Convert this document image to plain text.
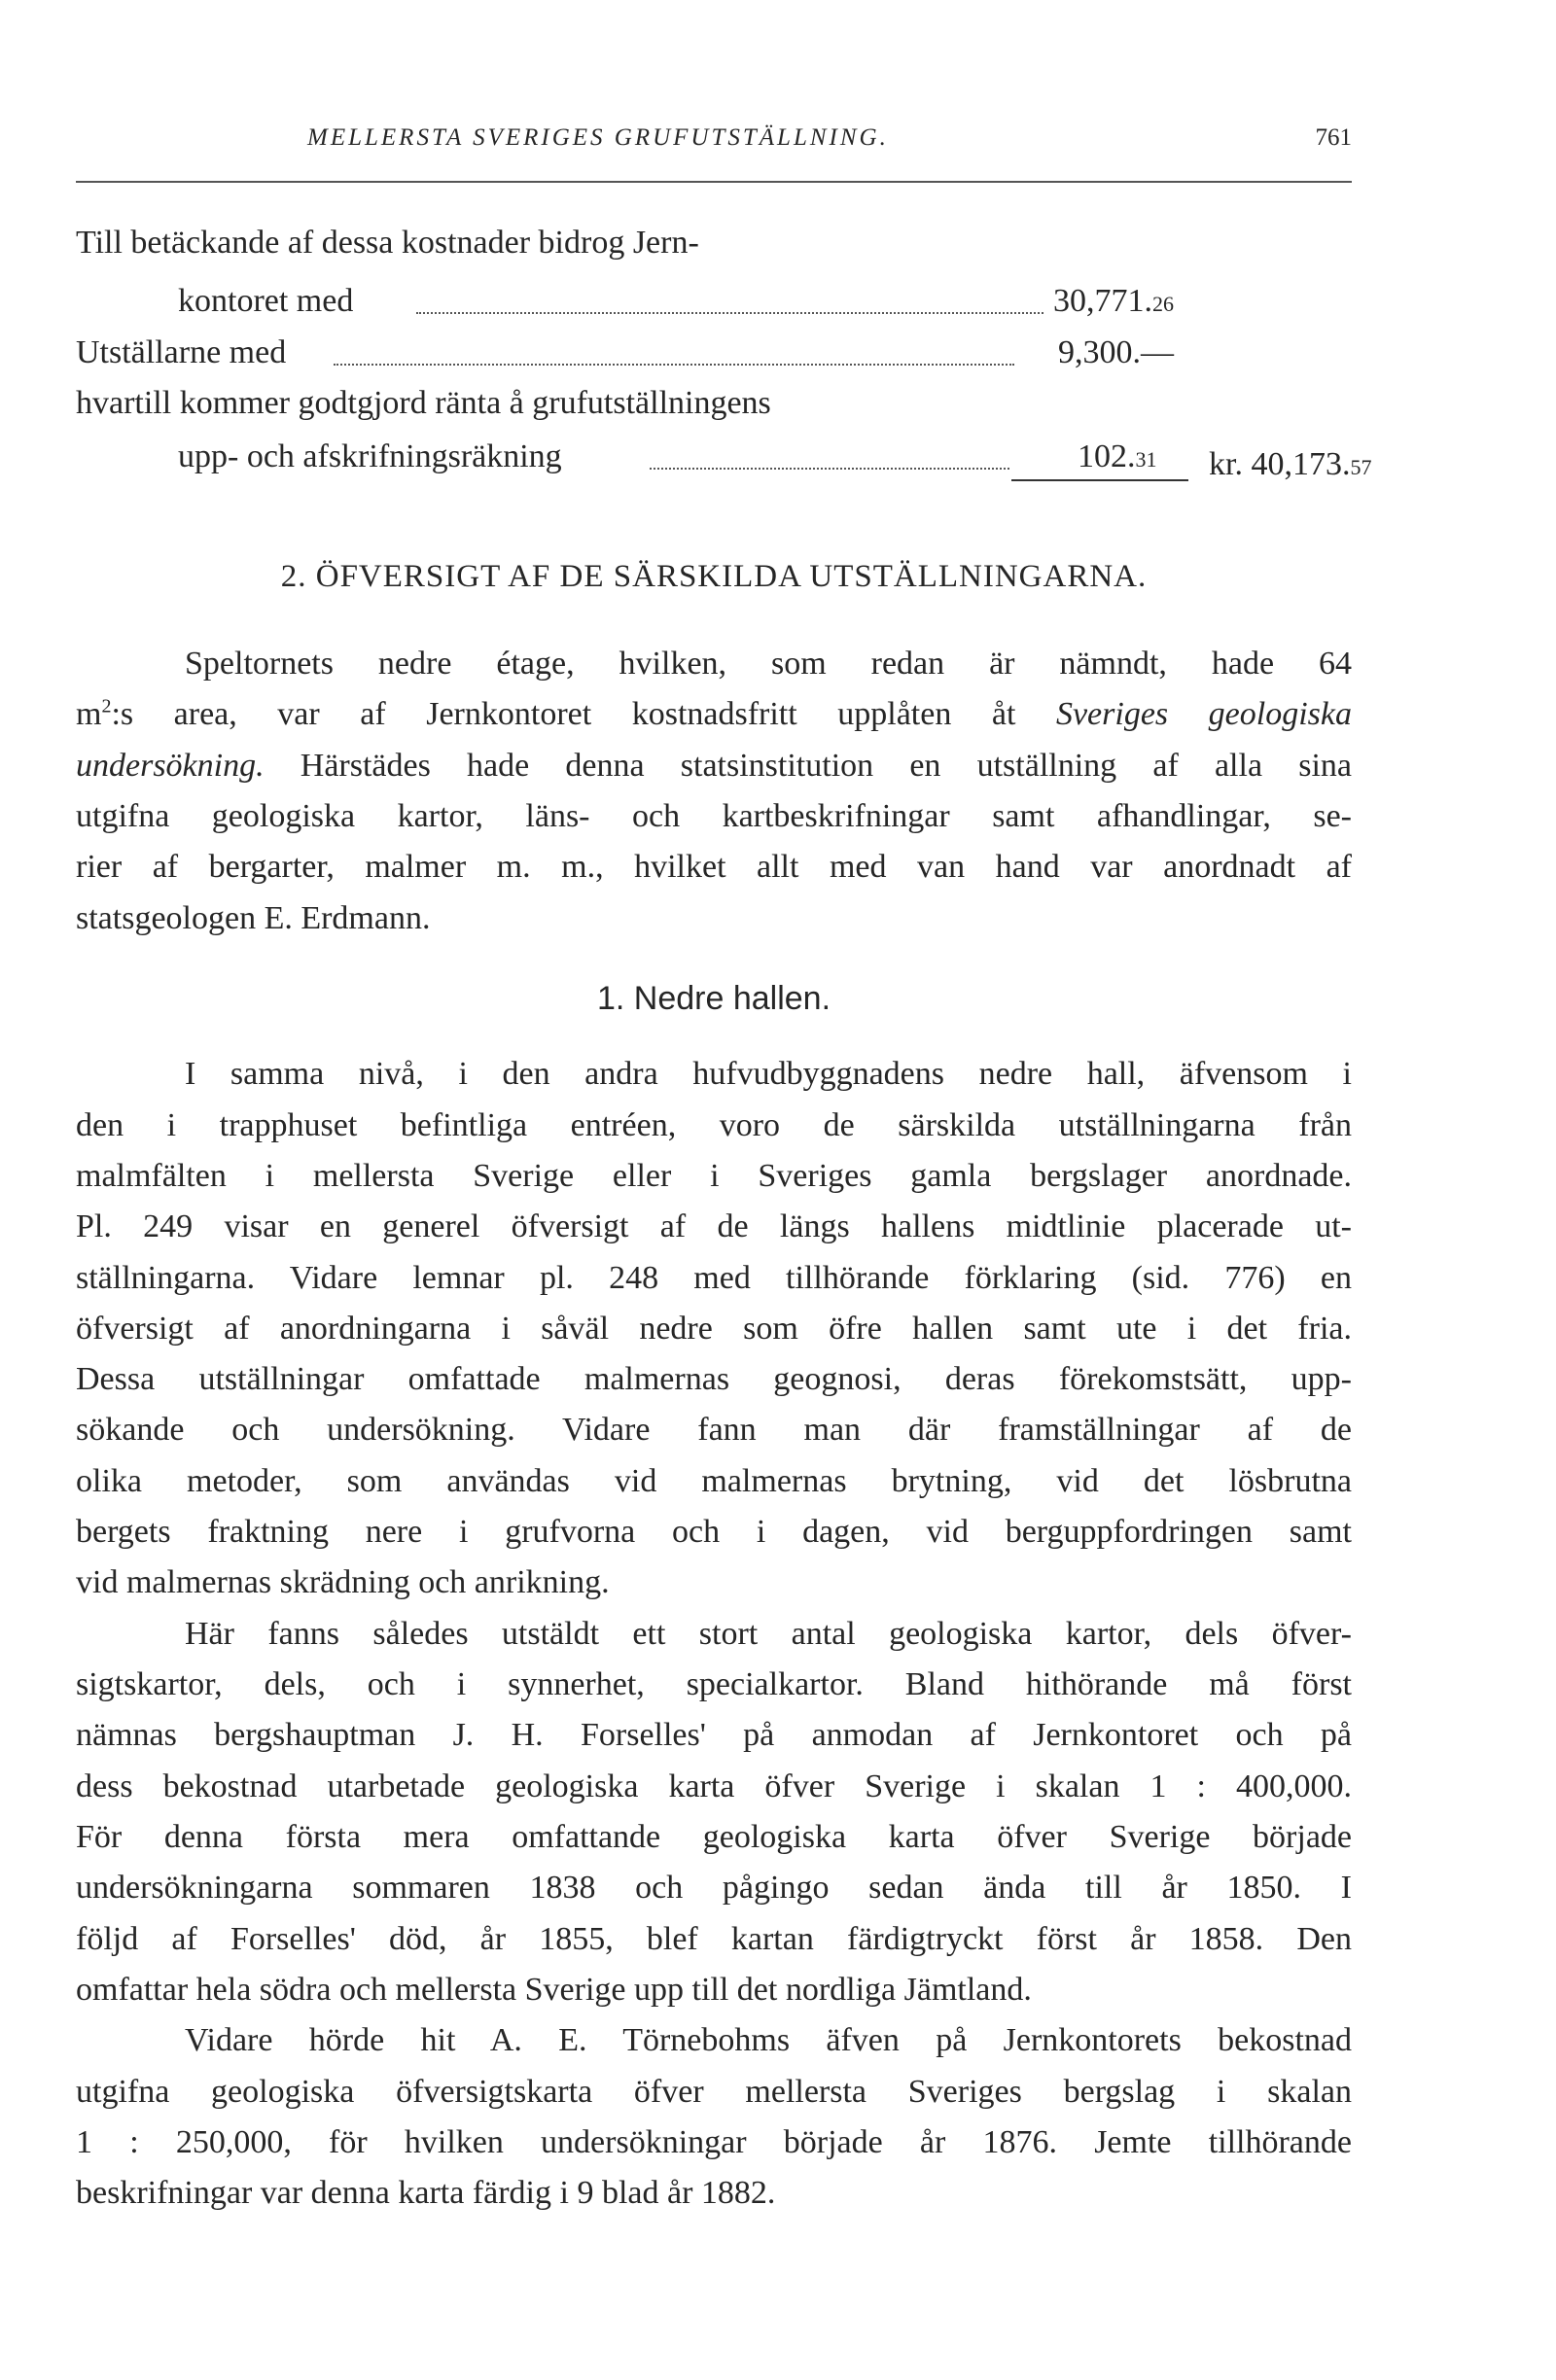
MELLERSTA SVERIGES GRUFUTSTÄLLNING.	761
Till betäckande af dessa kostnader bidrog Jern-
kontoret med	30,771.26
Utställarne med	9,300.—
hvartill kommer godtgjord ränta å grufutställningens
upp- och afskrifningsräkning	102.31 kr. 40,173.57
2. ÖFVERSIGT AF DE SÄRSKILDA UTSTÄLLNINGARNA.
Speltornets nedre étage, hvilken, som redan är nämndt, hade 64
$m^2:s$ area, var af Jernkontoret kostnadsfritt upplåten åt Sveriges geologiska
undersökning. Härstädes hade denna statsinstitution en utställning af alla sina
utgifna geologiska kartor, läns- och kartbeskrifningar samt afhandlingar, se-
rier af bergarter, malmer m. m., hvilket allt med van hand var anordnadt af
statsgeologen E. Erdmann.
1. Nedre hallen.
I samma nivå, i den andra hufvudbyggnadens nedre hall, äfvensom i
den i trapphuset befintliga entréen, voro de särskilda utställningarna från
malmfälten i mellersta Sverige eller i Sveriges gamla bergslager anordnade.
Pl. 249 visar en generel öfversigt af de längs hallens midtlinie placerade ut-
ställningarna. Vidare lemnar pl. 248 med tillhörande förklaring (sid. 776) en
öfversigt af anordningarna i såväl nedre som öfre hallen samt ute i det fria.
Dessa utställningar omfattade malmernas geognosi, deras förekomstsätt, upp-
sökande och undersökning. Vidare fann man där framställningar af de
olika metoder, som användas vid malmernas brytning, vid det lösbrutna
bergets fraktning nere i grufvorna och i dagen, vid berguppfordringen samt
vid malmernas skrädning och anrikning.
Här fanns således utstäldt ett stort antal geologiska kartor, dels öfver-
sigtskartor, dels, och i synnerhet, specialkartor. Bland hithörande må först
nämnas bergshauptman J. H. Forselles' på anmodan af Jernkontoret och på
dess bekostnad utarbetade geologiska karta öfver Sverige i skalan 1 : 400,000.
För denna första mera omfattande geologiska karta öfver Sverige började
undersökningarna sommaren 1838 och pågingo sedan ända till år 1850. I
följd af Forselles' död, år 1855, blef kartan färdigtryckt först år 1858. Den
omfattar hela södra och mellersta Sverige upp till det nordliga Jämtland.
Vidare hörde hit A. E. Törnebohms äfven på Jernkontorets bekostnad
utgifna geologiska öfversigtskarta öfver mellersta Sveriges bergslag i skalan
1 : 250,000, för hvilken undersökningar började år 1876. Jemte tillhörande
beskrifningar var denna karta färdig i 9 blad år 1882.
